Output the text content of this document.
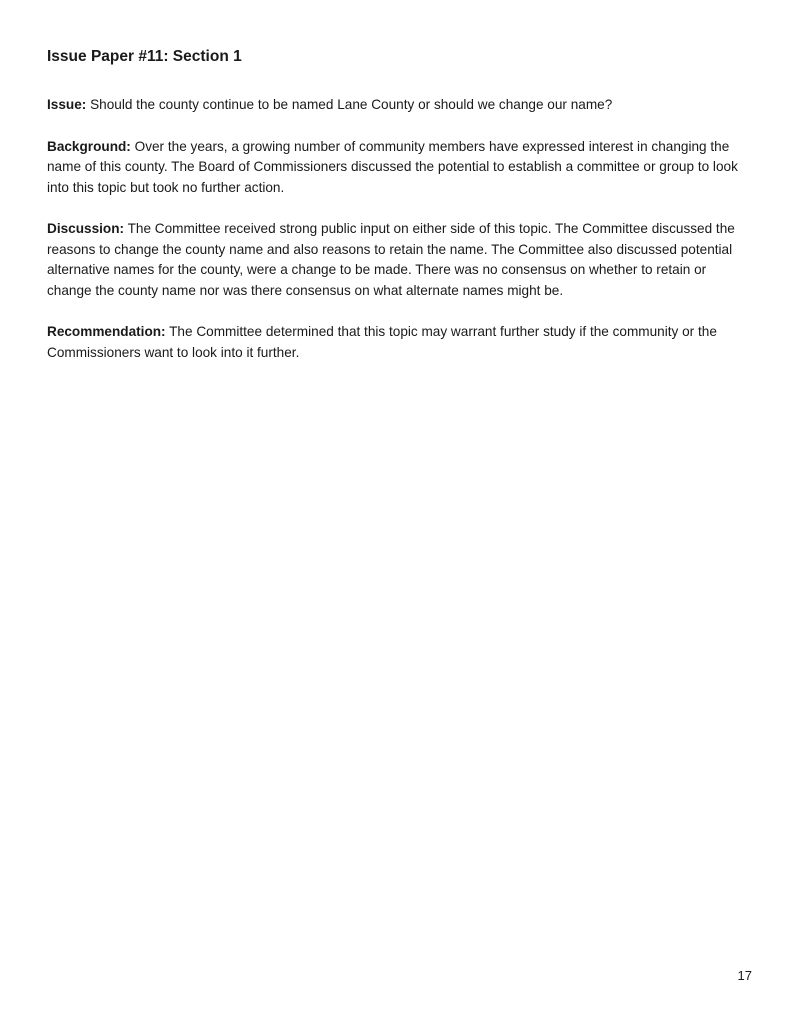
Issue Paper #11: Section 1

Issue: Should the county continue to be named Lane County or should we change our name?

Background: Over the years, a growing number of community members have expressed interest in changing the name of this county. The Board of Commissioners discussed the potential to establish a committee or group to look into this topic but took no further action.

Discussion: The Committee received strong public input on either side of this topic. The Committee discussed the reasons to change the county name and also reasons to retain the name. The Committee also discussed potential alternative names for the county, were a change to be made. There was no consensus on whether to retain or change the county name nor was there consensus on what alternate names might be.

Recommendation: The Committee determined that this topic may warrant further study if the community or the Commissioners want to look into it further.

17
